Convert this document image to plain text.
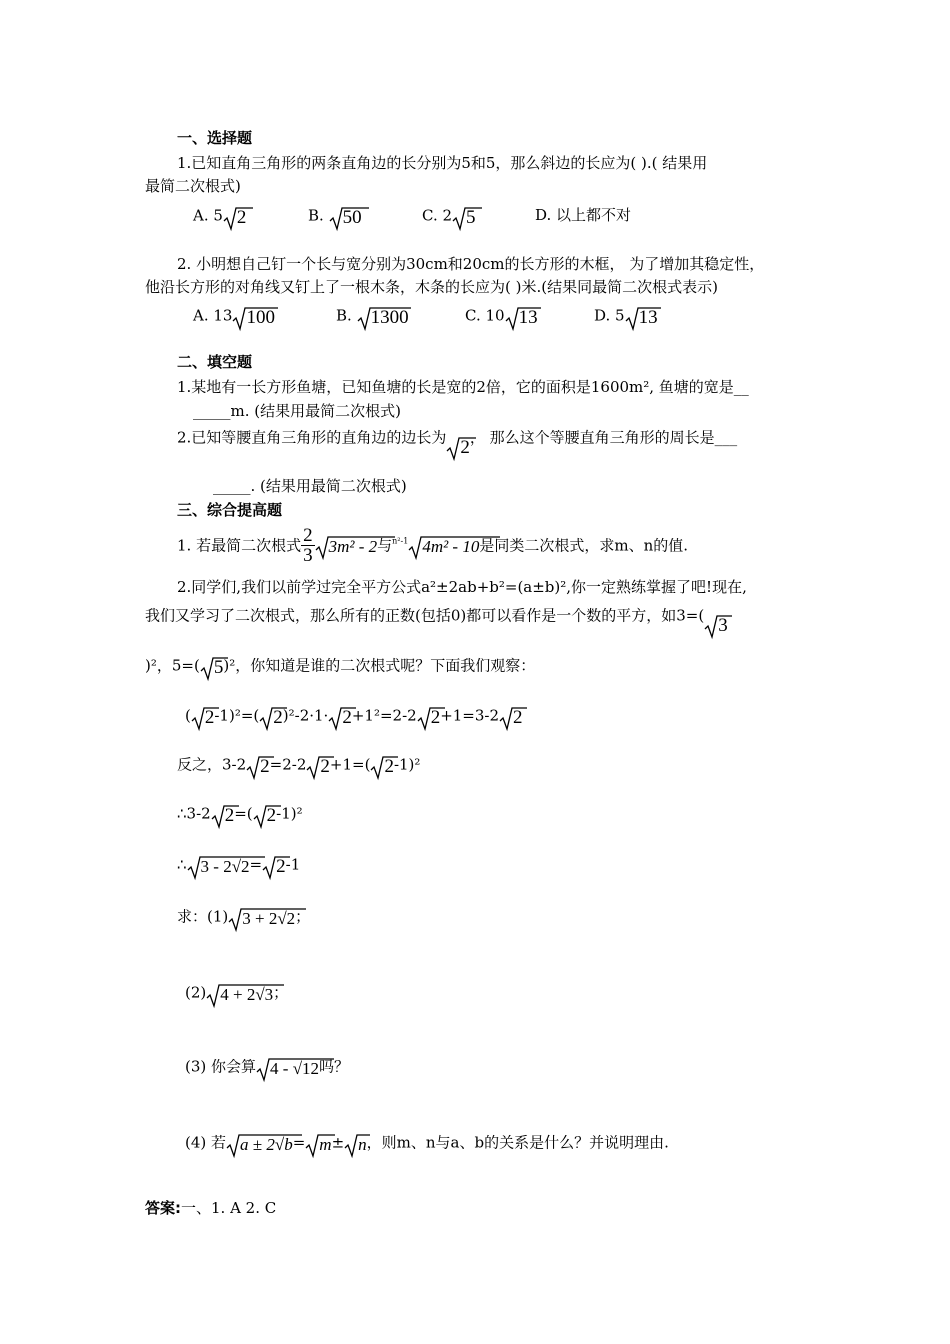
一、选择题
1.已知直角三角形的两条直角边的长分别为5和5，那么斜边的长应为( ).( 结果用
最简二次根式)
A. 5 2	B.
50	C. 2 5	D. 以上都不对
2. 小明想自己钉一个长与宽分别为30cm和20cm的长方形的木框， 为了增加其稳定性，
他沿长方形的对角线又钉上了一根木条，木条的长应为( )米.(结果同最简二次根式表示)
A. 13 100	B.
1300	C. 10 13	D. 5 13
二、填空题
1.某地有一长方形鱼塘，已知鱼塘的长是宽的2倍，它的面积是1600m², 鱼塘的宽是__
_____m. (结果用最简二次根式)
2.已知等腰直角三角形的直角边的边长为 2， 那么这个等腰直角三角形的周长是___
_____. (结果用最简二次根式)
三、综合提高题
1. 若最简二次根式 $\frac{2}{3} 3m^2 - 2$与$^{n^2-1}$ 4m² - 10是同类二次根式，求m、n的值.
2.同学们,我们以前学过完全平方公式a²±2ab+b²=(a±b)²,你一定熟练掌握了吧!现在,
我们又学习了二次根式，那么所有的正数(包括0)都可以看作是一个数的平方，如3=( 3
)²，5=( 5)²，你知道是谁的二次根式呢？下面我们观察：
( 2-1)²=( 2)²-2·1· 2+1²=2-2 2+1=3-2 2
反之，3-2 2=2-2 2+1=( 2-1)²
∴3-2 2=( 2-1)²
∴ 3 - 2√2= 2-1
求：(1) 3 + 2√2；
(2) 4 + 2√3；
(3) 你会算 4 - √12吗？
(4) 若 a ± 2√b= m± n，则m、n与a、b的关系是什么？并说明理由.
答案:一、1. A 2. C
